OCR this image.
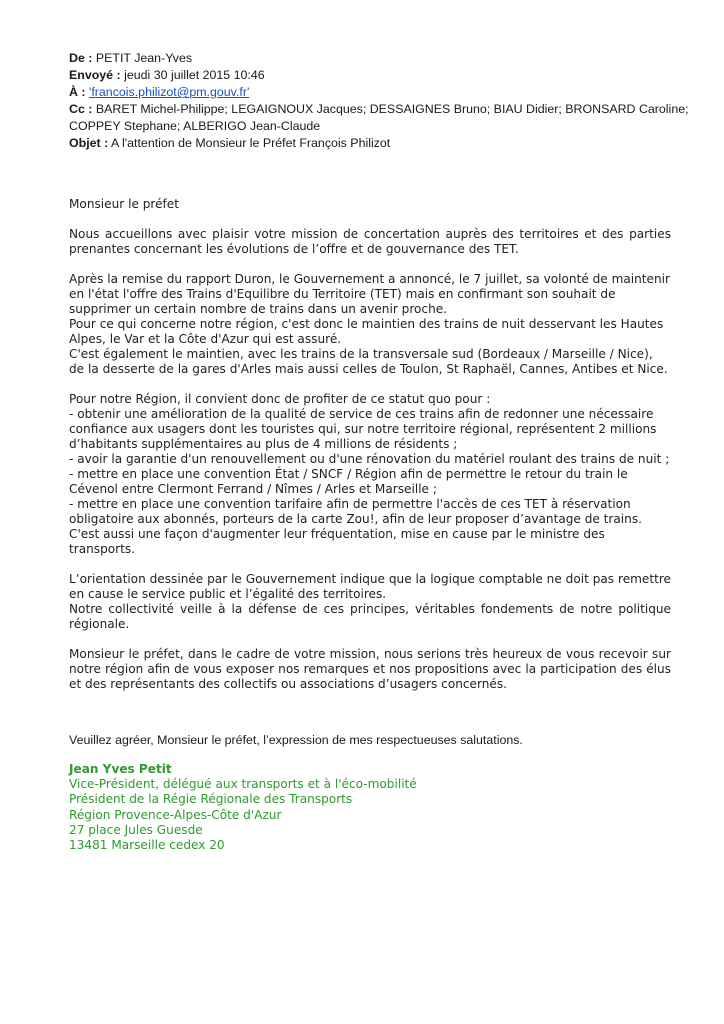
De : PETIT Jean-Yves
Envoyé : jeudi 30 juillet 2015 10:46
À : 'francois.philizot@pm.gouv.fr'
Cc : BARET Michel-Philippe; LEGAIGNOUX Jacques; DESSAIGNES Bruno; BIAU Didier; BRONSARD Caroline; COPPEY Stephane; ALBERIGO Jean-Claude
Objet : A l'attention de Monsieur le Préfet François Philizot

Monsieur le préfet

Nous accueillons avec plaisir votre mission de concertation auprès des territoires et des parties prenantes concernant les évolutions de l’offre et de gouvernance des TET.

Après la remise du rapport Duron, le Gouvernement a annoncé, le 7 juillet, sa volonté de maintenir en l'état l'offre des Trains d'Equilibre du Territoire (TET) mais en confirmant son souhait de supprimer un certain nombre de trains dans un avenir proche.

Pour ce qui concerne notre région, c'est donc le maintien des trains de nuit desservant les Hautes Alpes, le Var et la Côte d'Azur qui est assuré.

C'est également le maintien, avec les trains de la transversale sud (Bordeaux / Marseille / Nice), de la desserte de la gares d'Arles mais aussi celles de Toulon, St Raphaël, Cannes, Antibes et Nice.

Pour notre Région, il convient donc de profiter de ce statut quo pour :

- obtenir une amélioration de la qualité de service de ces trains afin de redonner une nécessaire confiance aux usagers dont les touristes qui, sur notre territoire régional, représentent 2 millions d’habitants supplémentaires au plus de 4 millions de résidents ;

- avoir la garantie d'un renouvellement ou d'une rénovation du matériel roulant des trains de nuit ;

- mettre en place une convention État / SNCF / Région afin de permettre le retour du train le Cévenol entre Clermont Ferrand / Nîmes / Arles et Marseille ;

- mettre en place une convention tarifaire afin de permettre l'accès de ces TET à réservation obligatoire aux abonnés, porteurs de la carte Zou!, afin de leur proposer d’avantage de trains.

C'est aussi une façon d'augmenter leur fréquentation, mise en cause par le ministre des transports.

L’orientation dessinée par le Gouvernement indique que la logique comptable ne doit pas remettre en cause le service public et l’égalité des territoires.

Notre collectivité veille à la défense de ces principes, véritables fondements de notre politique régionale.

Monsieur le préfet, dans le cadre de votre mission, nous serions très heureux de vous recevoir sur notre région afin de vous exposer nos remarques et nos propositions avec la participation des élus et des représentants des collectifs ou associations d’usagers concernés.

Veuillez agréer, Monsieur le préfet, l’expression de mes respectueuses salutations.
Jean Yves Petit
Vice-Président, délégué aux transports et à l'éco-mobilité
Président de la Régie Régionale des Transports
Région Provence-Alpes-Côte d'Azur
27 place Jules Guesde
13481 Marseille cedex 20
